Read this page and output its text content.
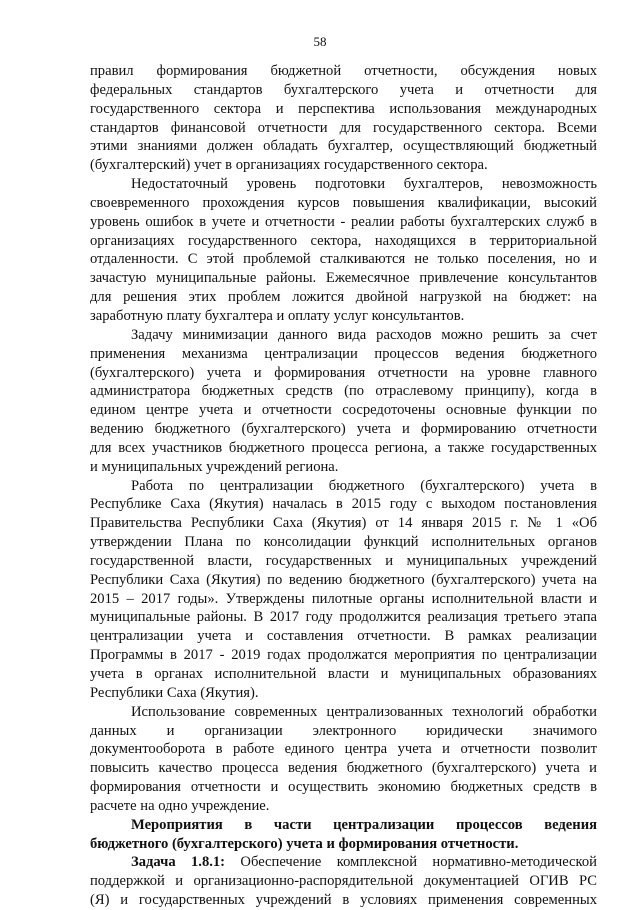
58
правил формирования бюджетной отчетности, обсуждения новых
федеральных стандартов бухгалтерского учета и отчетности для
государственного сектора и перспектива использования международных
стандартов финансовой отчетности для государственного сектора. Всеми
этими знаниями должен обладать бухгалтер, осуществляющий бюджетный
(бухгалтерский) учет в организациях государственного сектора.
Недостаточный уровень подготовки бухгалтеров, невозможность
своевременного прохождения курсов повышения квалификации, высокий
уровень ошибок в учете и отчетности - реалии работы бухгалтерских служб в
организациях государственного сектора, находящихся в территориальной
отдаленности. С этой проблемой сталкиваются не только поселения, но и
зачастую муниципальные районы. Ежемесячное привлечение консультантов
для решения этих проблем ложится двойной нагрузкой на бюджет: на
заработную плату бухгалтера и оплату услуг консультантов.
Задачу минимизации данного вида расходов можно решить за счет
применения механизма централизации процессов ведения бюджетного
(бухгалтерского) учета и формирования отчетности на уровне главного
администратора бюджетных средств (по отраслевому принципу), когда в
едином центре учета и отчетности сосредоточены основные функции по
ведению бюджетного (бухгалтерского) учета и формированию отчетности
для всех участников бюджетного процесса региона, а также государственных
и муниципальных учреждений региона.
Работа по централизации бюджетного (бухгалтерского) учета в
Республике Саха (Якутия) началась в 2015 году с выходом постановления
Правительства Республики Саха (Якутия) от 14 января 2015 г. № 1 «Об
утверждении Плана по консолидации функций исполнительных органов
государственной власти, государственных и муниципальных учреждений
Республики Саха (Якутия) по ведению бюджетного (бухгалтерского) учета на
2015 – 2017 годы». Утверждены пилотные органы исполнительной власти и
муниципальные районы. В 2017 году продолжится реализация третьего этапа
централизации учета и составления отчетности. В рамках реализации
Программы в 2017 - 2019 годах продолжатся мероприятия по централизации
учета в органах исполнительной власти и муниципальных образованиях
Республики Саха (Якутия).
Использование современных централизованных технологий обработки
данных и организации электронного юридически значимого
документооборота в работе единого центра учета и отчетности позволит
повысить качество процесса ведения бюджетного (бухгалтерского) учета и
формирования отчетности и осуществить экономию бюджетных средств в
расчете на одно учреждение.
Мероприятия в части централизации процессов ведения
бюджетного (бухгалтерского) учета и формирования отчетности.
Задача 1.8.1: Обеспечение комплексной нормативно-методической
поддержкой и организационно-распорядительной документацией ОГИВ РС
(Я) и государственных учреждений в условиях применения современных
